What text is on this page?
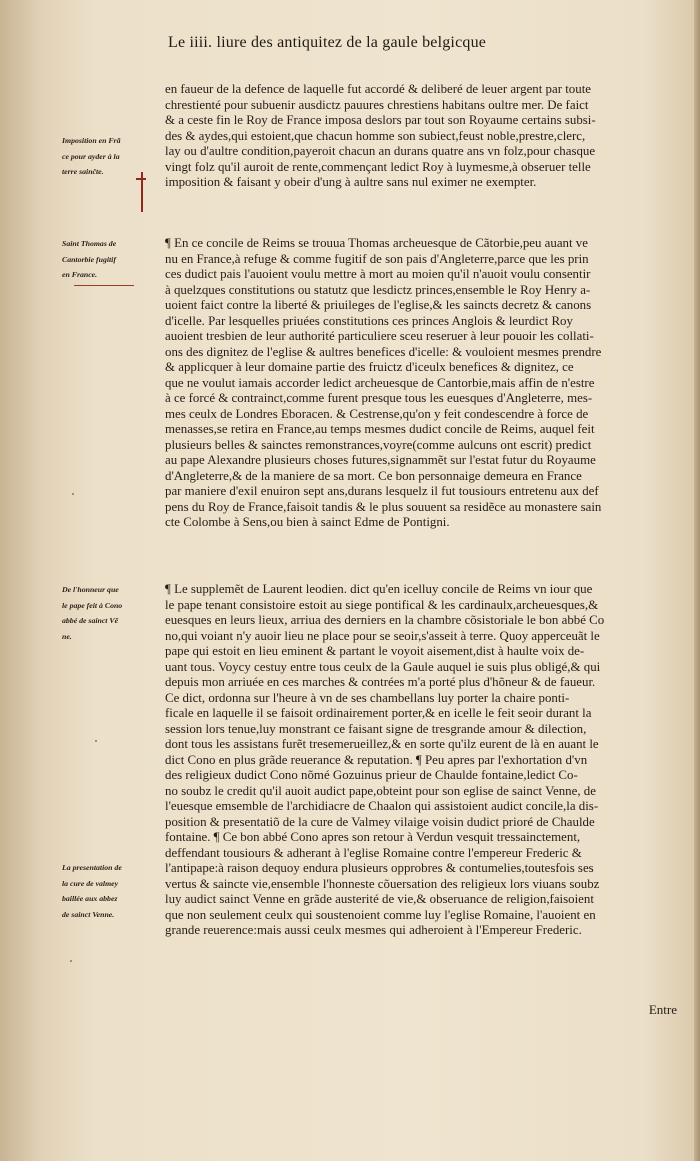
Le iiii. liure des antiquitez de la gaule belgicque
en faueur de la defence de laquelle fut accordé & deliberé de leuer argent par toute
chrestienté pour subuenir ausdictz pauures chrestiens habitans oultre mer. De faict
& a ceste fin le Roy de France imposa deslors par tout son Royaume certains subsi-
des & aydes,qui estoient,que chacun homme son subiect,feust noble,prestre,clerc,
lay ou d'aultre condition,payeroit chacun an durans quatre ans vn folz,pour chasque
vingt folz qu'il auroit de rente,commençant ledict Roy à luymesme,à obseruer telle
imposition & faisant y obeir d'ung à aultre sans nul eximer ne exempter.
Imposition en Frã
ce pour ayder à la
terre sainčte.
¶ En ce concile de Reims se trouua Thomas archeuesque de Cãtorbie,peu auant ve
nu en France,à refuge & comme fugitif de son pais d'Angleterre,parce que les prin
ces dudict pais l'auoient voulu mettre à mort au moien qu'il n'auoit voulu consentir
à quelzques constitutions ou statutz que lesdictz princes,ensemble le Roy Henry a-
uoient faict contre la liberté & priuileges de l'eglise,& les saincts decretz & canons
d'icelle. Par lesquelles priuées constitutions ces princes Anglois & leurdict Roy
auoient tresbien de leur authorité particuliere sceu reseruer à leur pouoir les collati-
ons des dignitez de l'eglise & aultres benefices d'icelle: & vouloient mesmes prendre
& applicquer à leur domaine partie des fruictz d'iceulx benefices & dignitez, ce
que ne voulut iamais accorder ledict archeuesque de Cantorbie,mais affin de n'estre
à ce forcé & contrainct,comme furent presque tous les euesques d'Angleterre, mes-
mes ceulx de Londres Eboracen. & Cestrense,qu'on y feit condescendre à force de
menasses,se retira en France,au temps mesmes dudict concile de Reims, auquel feit
plusieurs belles & sainctes remonstrances,voyre(comme aulcuns ont escrit) predict
au pape Alexandre plusieurs choses futures,signammẽt sur l'estat futur du Royaume
d'Angleterre,& de la maniere de sa mort. Ce bon personnaige demeura en France
par maniere d'exil enuiron sept ans,durans lesquelz il fut tousiours entretenu aux def
pens du Roy de France,faisoit tandis & le plus souuent sa residẽce au monastere sain
cte Colombe à Sens,ou bien à sainct Edme de Pontigni.
Saint Thomas de
Cantorbie fugitif
en France.
¶ Le supplemẽt de Laurent leodien. dict qu'en icelluy concile de Reims vn iour que
le pape tenant consistoire estoit au siege pontifical & les cardinaulx,archeuesques,&
euesques en leurs lieux, arriua des derniers en la chambre cõsistoriale le bon abbé Co
no,qui voiant n'y auoir lieu ne place pour se seoir,s'asseit à terre. Quoy apperceuãt le
pape qui estoit en lieu eminent & partant le voyoit aisement,dist à haulte voix de-
uant tous. Voycy cestuy entre tous ceulx de la Gaule auquel ie suis plus obligé,& qui
depuis mon arriuée en ces marches & contrées m'a porté plus d'hõneur & de faueur.
Ce dict, ordonna sur l'heure à vn de ses chambellans luy porter la chaire ponti-
ficale en laquelle il se faisoit ordinairement porter,& en icelle le feit seoir durant la
session lors tenue,luy monstrant ce faisant signe de tresgrande amour & dilection,
dont tous les assistans furẽt tresemerueillez,& en sorte qu'ilz eurent de là en auant le
dict Cono en plus grãde reuerance & reputation. ¶ Peu apres par l'exhortation d'vn
des religieux dudict Cono nõmé Gozuinus prieur de Chaulde fontaine,ledict Co-
no soubz le credit qu'il auoit audict pape,obteint pour son eglise de sainct Venne, de
l'euesque emsemble de l'archidiacre de Chaalon qui assistoient audict concile,la dis-
position & presentatiõ de la cure de Valmey vilaige voisin dudict prioré de Chaulde
fontaine. ¶ Ce bon abbé Cono apres son retour à Verdun vesquit tressainctement,
deffendant tousiours & adherant à l'eglise Romaine contre l'empereur Frederic &
l'antipape:à raison dequoy endura plusieurs opprobres & contumelies,toutesfois ses
vertus & saincte vie,ensemble l'honneste cõuersation des religieux lors viuans soubz
luy audict sainct Venne en grãde austerité de vie,& obseruance de religion,faisoient
que non seulement ceulx qui soustenoient comme luy l'eglise Romaine, l'auoient en
grande reuerence:mais aussi ceulx mesmes qui adheroient à l'Empereur Frederic.
De l'honneur que
le pape feit à Cono
abbé de sainct Vẽ
ne.
La presentation de
la cure de valmey
baillée aux abbez
de sainct Venne.
Entre
